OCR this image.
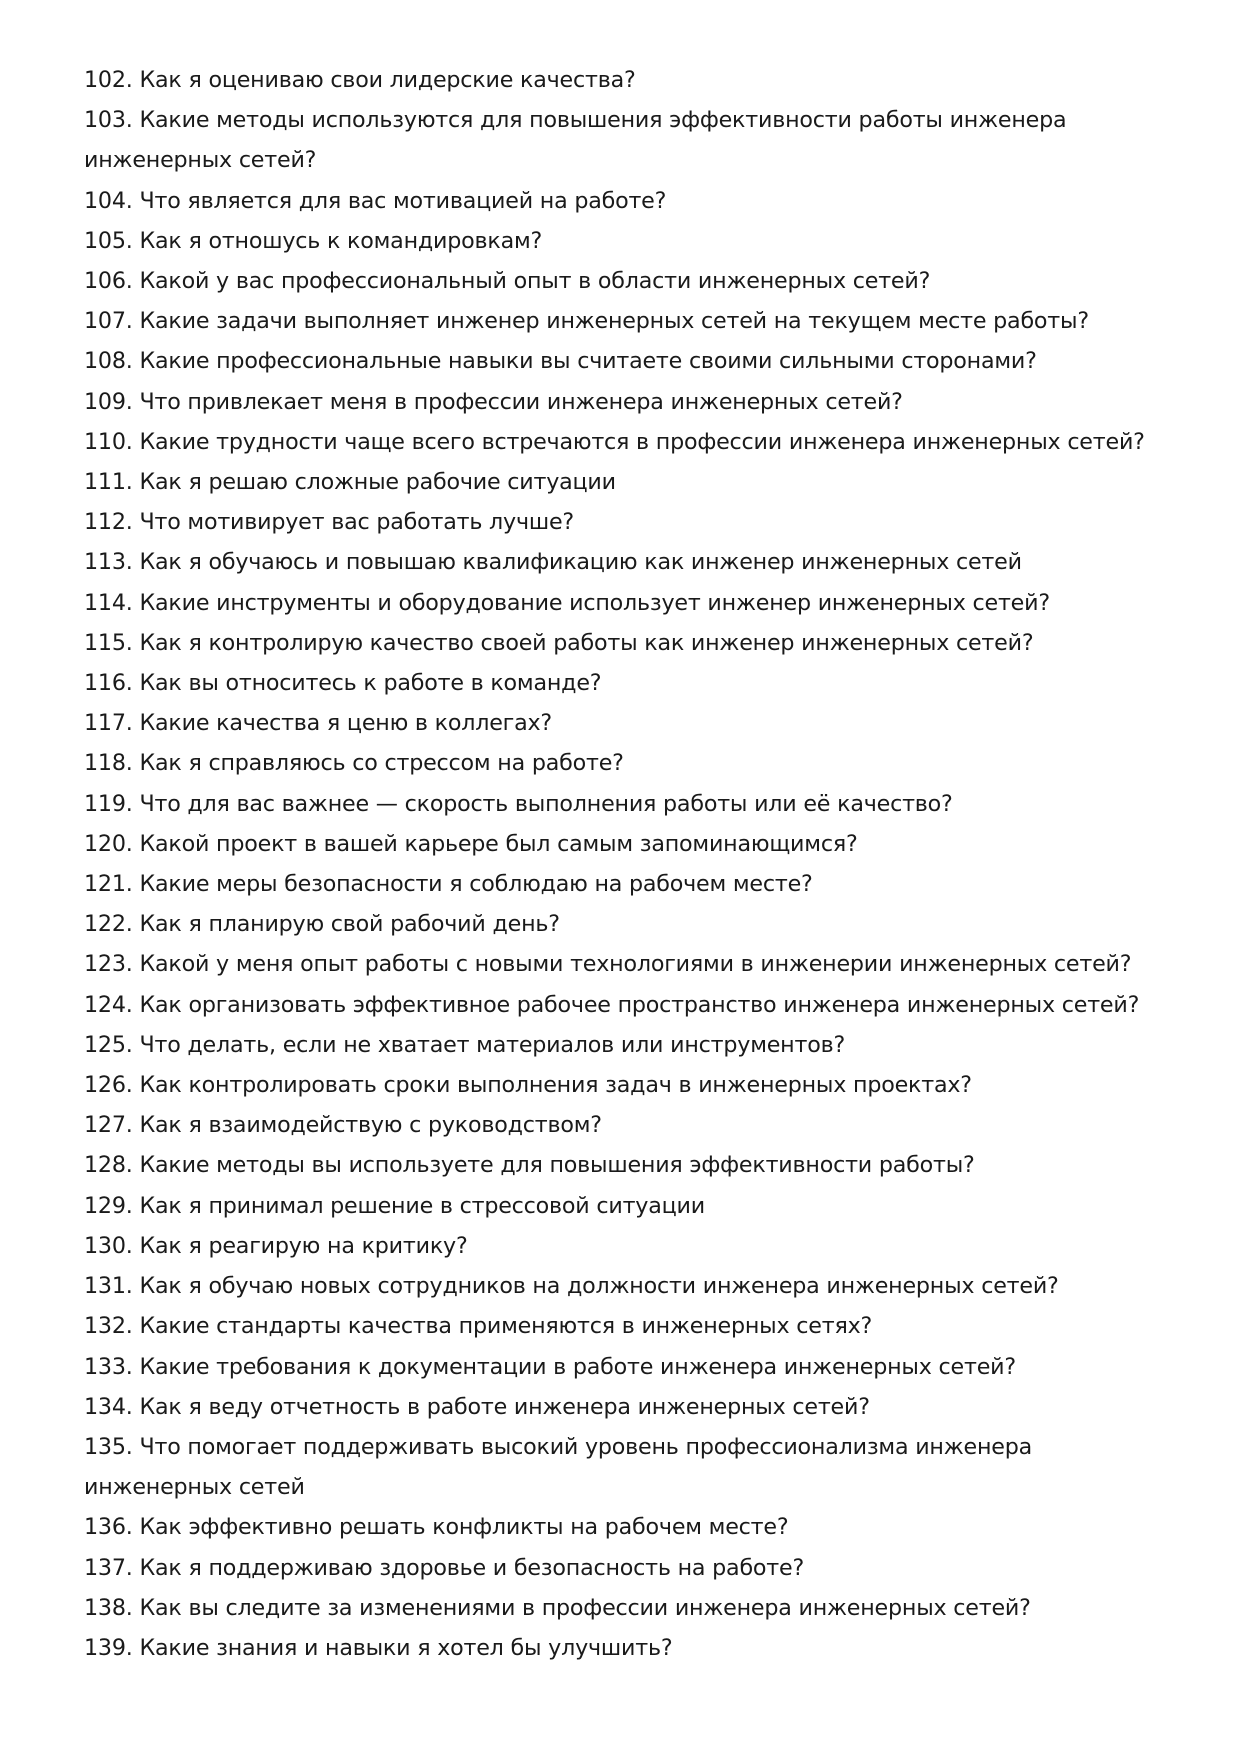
102. Как я оцениваю свои лидерские качества?
103. Какие методы используются для повышения эффективности работы инженера инженерных сетей?
104. Что является для вас мотивацией на работе?
105. Как я отношусь к командировкам?
106. Какой у вас профессиональный опыт в области инженерных сетей?
107. Какие задачи выполняет инженер инженерных сетей на текущем месте работы?
108. Какие профессиональные навыки вы считаете своими сильными сторонами?
109. Что привлекает меня в профессии инженера инженерных сетей?
110. Какие трудности чаще всего встречаются в профессии инженера инженерных сетей?
111. Как я решаю сложные рабочие ситуации
112. Что мотивирует вас работать лучше?
113. Как я обучаюсь и повышаю квалификацию как инженер инженерных сетей
114. Какие инструменты и оборудование использует инженер инженерных сетей?
115. Как я контролирую качество своей работы как инженер инженерных сетей?
116. Как вы относитесь к работе в команде?
117. Какие качества я ценю в коллегах?
118. Как я справляюсь со стрессом на работе?
119. Что для вас важнее — скорость выполнения работы или её качество?
120. Какой проект в вашей карьере был самым запоминающимся?
121. Какие меры безопасности я соблюдаю на рабочем месте?
122. Как я планирую свой рабочий день?
123. Какой у меня опыт работы с новыми технологиями в инженерии инженерных сетей?
124. Как организовать эффективное рабочее пространство инженера инженерных сетей?
125. Что делать, если не хватает материалов или инструментов?
126. Как контролировать сроки выполнения задач в инженерных проектах?
127. Как я взаимодействую с руководством?
128. Какие методы вы используете для повышения эффективности работы?
129. Как я принимал решение в стрессовой ситуации
130. Как я реагирую на критику?
131. Как я обучаю новых сотрудников на должности инженера инженерных сетей?
132. Какие стандарты качества применяются в инженерных сетях?
133. Какие требования к документации в работе инженера инженерных сетей?
134. Как я веду отчетность в работе инженера инженерных сетей?
135. Что помогает поддерживать высокий уровень профессионализма инженера инженерных сетей
136. Как эффективно решать конфликты на рабочем месте?
137. Как я поддерживаю здоровье и безопасность на работе?
138. Как вы следите за изменениями в профессии инженера инженерных сетей?
139. Какие знания и навыки я хотел бы улучшить?
